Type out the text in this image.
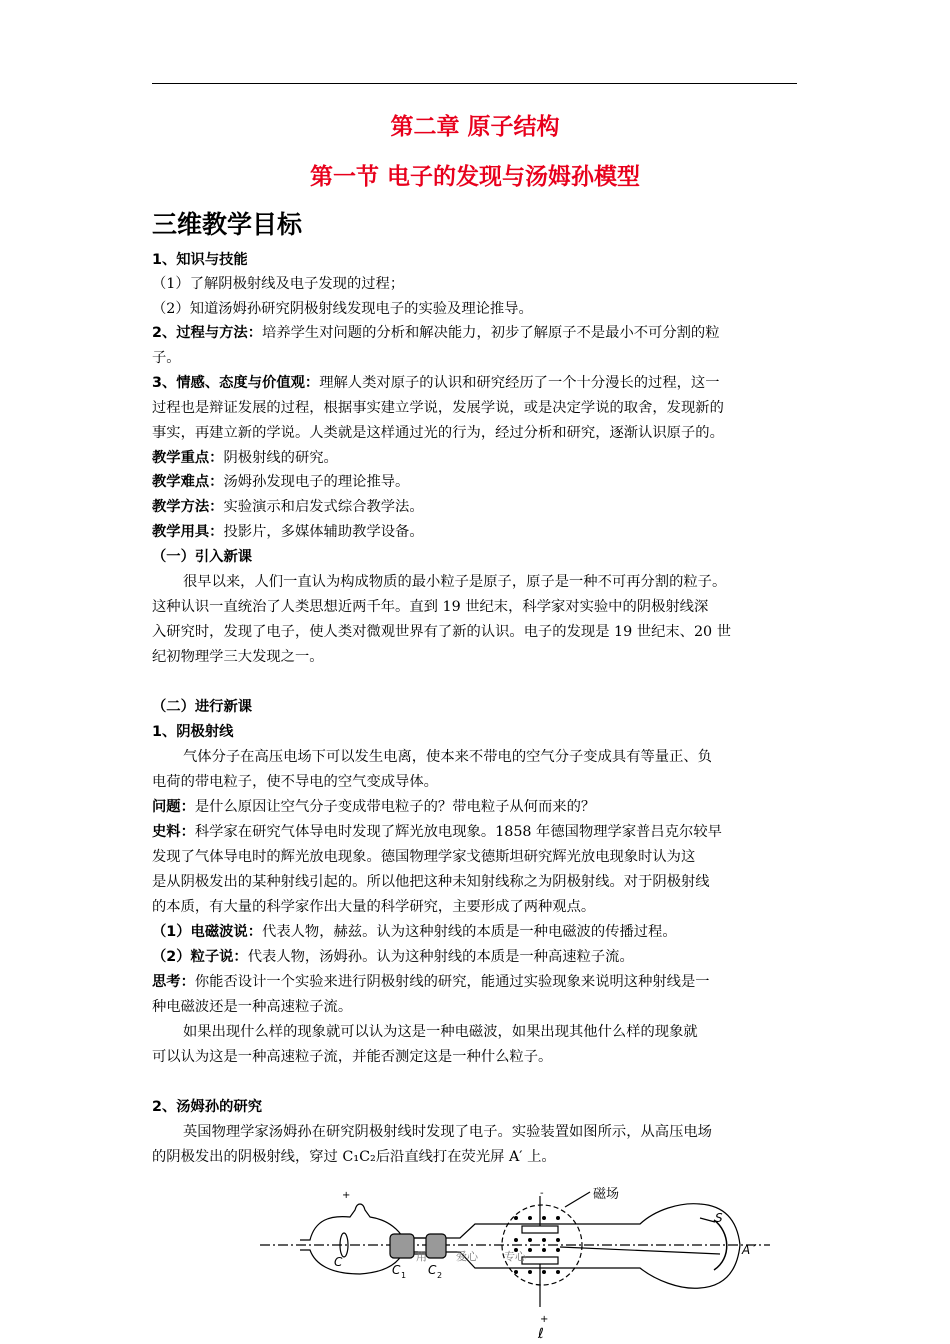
第二章 原子结构
第一节 电子的发现与汤姆孙模型
三维教学目标
1、知识与技能
（1）了解阴极射线及电子发现的过程；
（2）知道汤姆孙研究阴极射线发现电子的实验及理论推导。
2、过程与方法：培养学生对问题的分析和解决能力，初步了解原子不是最小不可分割的粒
子。
3、情感、态度与价值观：理解人类对原子的认识和研究经历了一个十分漫长的过程，这一
过程也是辩证发展的过程，根据事实建立学说，发展学说，或是决定学说的取舍，发现新的
事实，再建立新的学说。人类就是这样通过光的行为，经过分析和研究，逐渐认识原子的。
教学重点：阴极射线的研究。
教学难点：汤姆孙发现电子的理论推导。
教学方法：实验演示和启发式综合教学法。
教学用具：投影片，多媒体辅助教学设备。
（一）引入新课
很早以来，人们一直认为构成物质的最小粒子是原子，原子是一种不可再分割的粒子。
这种认识一直统治了人类思想近两千年。直到 19 世纪末，科学家对实验中的阴极射线深
入研究时，发现了电子，使人类对微观世界有了新的认识。电子的发现是 19 世纪末、20 世
纪初物理学三大发现之一。
（二）进行新课
1、阴极射线
气体分子在高压电场下可以发生电离，使本来不带电的空气分子变成具有等量正、负
电荷的带电粒子，使不导电的空气变成导体。
问题：是什么原因让空气分子变成带电粒子的？带电粒子从何而来的？
史料：科学家在研究气体导电时发现了辉光放电现象。1858 年德国物理学家普吕克尔较早
发现了气体导电时的辉光放电现象。德国物理学家戈德斯坦研究辉光放电现象时认为这
是从阴极发出的某种射线引起的。所以他把这种未知射线称之为阴极射线。对于阴极射线
的本质，有大量的科学家作出大量的科学研究，主要形成了两种观点。
（1）电磁波说：代表人物，赫兹。认为这种射线的本质是一种电磁波的传播过程。
（2）粒子说：代表人物，汤姆孙。认为这种射线的本质是一种高速粒子流。
思考：你能否设计一个实验来进行阴极射线的研究，能通过实验现象来说明这种射线是一
种电磁波还是一种高速粒子流。
如果出现什么样的现象就可以认为这是一种电磁波，如果出现其他什么样的现象就
可以认为这是一种高速粒子流，并能否测定这是一种什么粒子。
2、汤姆孙的研究
英国物理学家汤姆孙在研究阴极射线时发现了电子。实验装置如图所示，从高压电场
的阴极发出的阴极射线，穿过 C₁C₂后沿直线打在荧光屏 A′ 上。
+	-
+
磁场
S
A´
C
C 1 C 2
ℓ
用	爱心 专心
